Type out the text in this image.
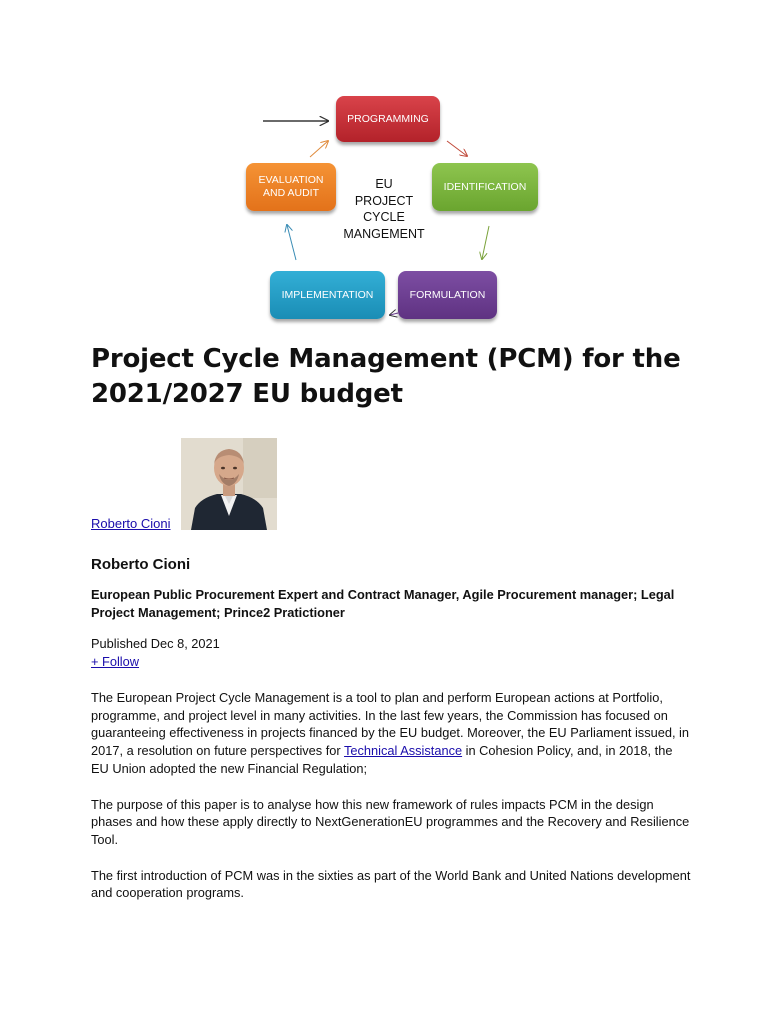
PROGRAMMING
IDENTIFICATION
FORMULATION
IMPLEMENTATION
EVALUATION
AND AUDIT
EU
PROJECT
CYCLE
MANGEMENT
Project Cycle Management (PCM) for the 2021/2027 EU budget
Roberto Cioni
Roberto Cioni
European Public Procurement Expert and Contract Manager, Agile Procurement manager; Legal Project Management; Prince2 Pratictioner
Published Dec 8, 2021
+ Follow

The European Project Cycle Management is a tool to plan and perform European actions at Portfolio, programme, and project level in many activities. In the last few years, the Commission has focused on guaranteeing effectiveness in projects financed by the EU budget. Moreover, the EU Parliament issued, in 2017, a resolution on future perspectives for Technical Assistance in Cohesion Policy, and, in 2018, the EU Union adopted the new Financial Regulation;

The purpose of this paper is to analyse how this new framework of rules impacts PCM in the design phases and how these apply directly to NextGenerationEU programmes and the Recovery and Resilience Tool.

The first introduction of PCM was in the sixties as part of the World Bank and United Nations development and cooperation programs.
